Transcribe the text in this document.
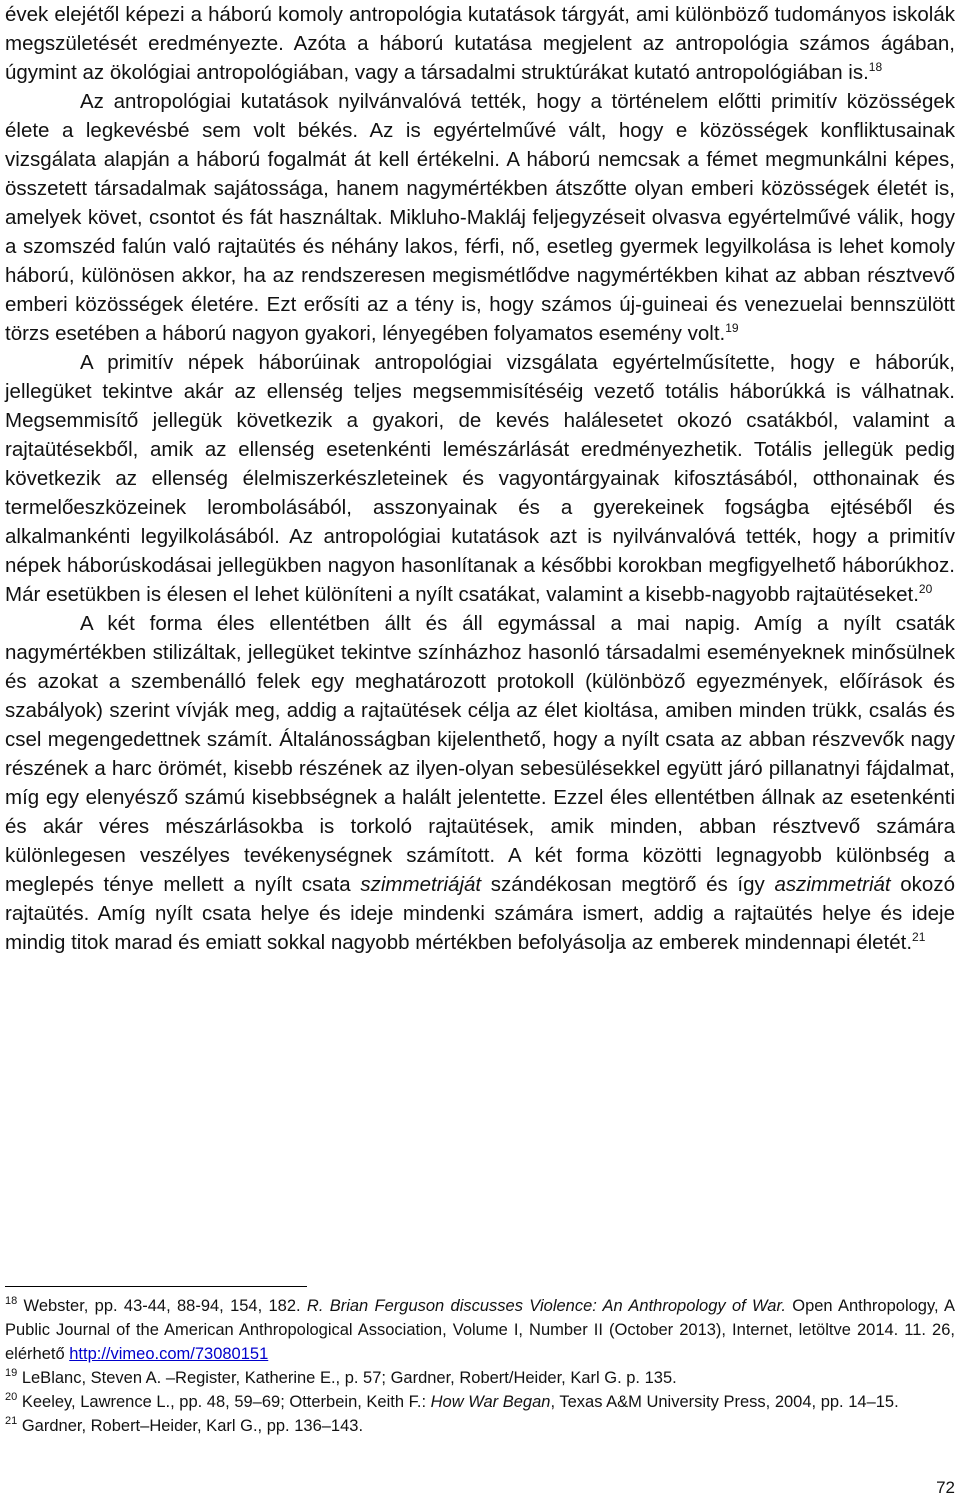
évek elejétől képezi a háború komoly antropológia kutatások tárgyát, ami különböző tudományos iskolák megszületését eredményezte. Azóta a háború kutatása megjelent az antropológia számos ágában, úgymint az ökológiai antropológiában, vagy a társadalmi struktúrákat kutató antropológiában is.$^{18}$

Az antropológiai kutatások nyilvánvalóvá tették, hogy a történelem előtti primitív közösségek élete a legkevésbé sem volt békés. Az is egyértelművé vált, hogy e közösségek konfliktusainak vizsgálata alapján a háború fogalmát át kell értékelni. A háború nemcsak a fémet megmunkálni képes, összetett társadalmak sajátossága, hanem nagymértékben átszőtte olyan emberi közösségek életét is, amelyek követ, csontot és fát használtak. Mikluho-Makláj feljegyzéseit olvasva egyértelművé válik, hogy a szomszéd falún való rajtaütés és néhány lakos, férfi, nő, esetleg gyermek legyilkolása is lehet komoly háború, különösen akkor, ha az rendszeresen megismétlődve nagymértékben kihat az abban résztvevő emberi közösségek életére. Ezt erősíti az a tény is, hogy számos új-guineai és venezuelai bennszülött törzs esetében a háború nagyon gyakori, lényegében folyamatos esemény volt.$^{19}$

A primitív népek háborúinak antropológiai vizsgálata egyértelműsítette, hogy e háborúk, jellegüket tekintve akár az ellenség teljes megsemmisítéséig vezető totális háborúkká is válhatnak. Megsemmisítő jellegük következik a gyakori, de kevés halálesetet okozó csatákból, valamint a rajtaütésekből, amik az ellenség esetenkénti lemészárlását eredményezhetik. Totális jellegük pedig következik az ellenség élelmiszerkészleteinek és vagyontárgyainak kifosztásából, otthonainak és termelőeszközeinek lerombolásából, asszonyainak és a gyerekeinek fogságba ejtéséből és alkalmankénti legyilkolásából. Az antropológiai kutatások azt is nyilvánvalóvá tették, hogy a primitív népek háborúskodásai jellegükben nagyon hasonlítanak a későbbi korokban megfigyelhető háborúkhoz. Már esetükben is élesen el lehet különíteni a nyílt csatákat, valamint a kisebb-nagyobb rajtaütéseket.$^{20}$

A két forma éles ellentétben állt és áll egymással a mai napig. Amíg a nyílt csaták nagymértékben stilizáltak, jellegüket tekintve színházhoz hasonló társadalmi eseményeknek minősülnek és azokat a szembenálló felek egy meghatározott protokoll (különböző egyezmények, előírások és szabályok) szerint vívják meg, addig a rajtaütések célja az élet kioltása, amiben minden trükk, csalás és csel megengedettnek számít. Általánosságban kijelenthető, hogy a nyílt csata az abban részvevők nagy részének a harc örömét, kisebb részének az ilyen-olyan sebesülésekkel együtt járó pillanatnyi fájdalmat, míg egy elenyésző számú kisebbségnek a halált jelentette. Ezzel éles ellentétben állnak az esetenkénti és akár véres mészárlásokba is torkoló rajtaütések, amik minden, abban résztvevő számára különlegesen veszélyes tevékenységnek számított. A két forma közötti legnagyobb különbség a meglepés ténye mellett a nyílt csata szimmetriáját szándékosan megtörő és így aszimmetriát okozó rajtaütés. Amíg nyílt csata helye és ideje mindenki számára ismert, addig a rajtaütés helye és ideje mindig titok marad és emiatt sokkal nagyobb mértékben befolyásolja az emberek mindennapi életét.$^{21}$

$^{18}$ Webster, pp. 43-44, 88-94, 154, 182. R. Brian Ferguson discusses Violence: An Anthropology of War. Open Anthropology, A Public Journal of the American Anthropological Association, Volume I, Number II (October 2013), Internet, letöltve 2014. 11. 26, elérhető http://vimeo.com/73080151

$^{19}$ LeBlanc, Steven A. –Register, Katherine E., p. 57; Gardner, Robert/Heider, Karl G. p. 135.

$^{20}$ Keeley, Lawrence L., pp. 48, 59–69; Otterbein, Keith F.: How War Began, Texas A&M University Press, 2004, pp. 14–15.

$^{21}$ Gardner, Robert–Heider, Karl G., pp. 136–143.

72
